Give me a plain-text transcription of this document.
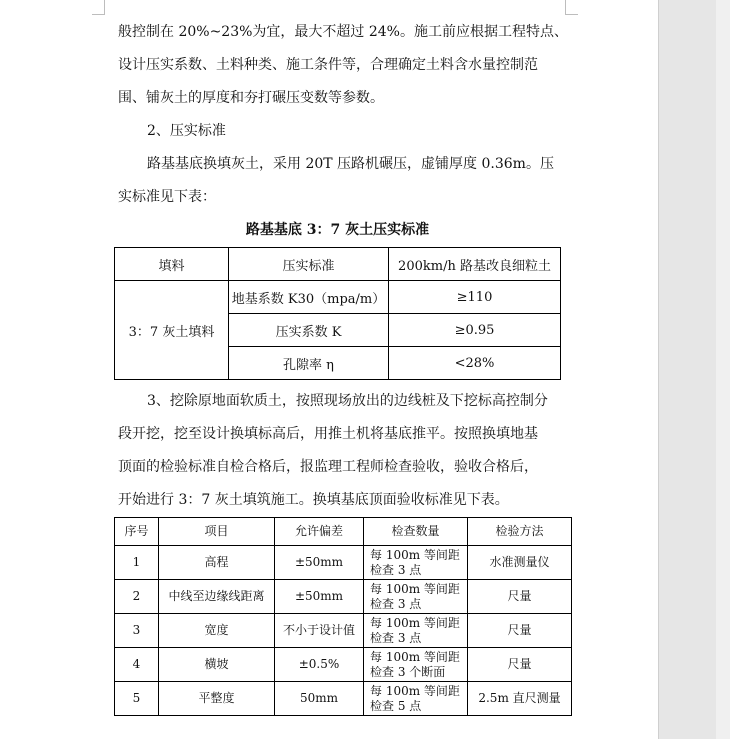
般控制在 20%~23%为宜，最大不超过 24%。施工前应根据工程特点、
设计压实系数、土料种类、施工条件等，合理确定土料含水量控制范
围、铺灰土的厚度和夯打碾压变数等参数。
2、压实标准
路基基底换填灰土，采用 20T 压路机碾压，虚铺厚度 0.36m。压
实标准见下表：
路基基底 3：7 灰土压实标准
填料	压实标准	200km/h 路基改良细粒土
3：7 灰土填料	地基系数 K30（mpa/m）	≥110
	压实系数 K	≥0.95
	孔隙率 η	<28%
3、挖除原地面软质土，按照现场放出的边线桩及下挖标高控制分
段开挖，挖至设计换填标高后，用推土机将基底推平。按照换填地基
顶面的检验标准自检合格后，报监理工程师检查验收，验收合格后，
开始进行 3：7 灰土填筑施工。换填基底顶面验收标准见下表。
序号	项目	允许偏差	检查数量	检验方法
1	高程	±50mm	每 100m 等间距
检查 3 点	水准测量仪
2	中线至边缘线距离	±50mm	每 100m 等间距
检查 3 点	尺量
3	宽度	不小于设计值	每 100m 等间距
检查 3 点	尺量
4	横坡	±0.5%	每 100m 等间距
检查 3 个断面	尺量
5	平整度	50mm	每 100m 等间距
检查 5 点	2.5m 直尺测量
